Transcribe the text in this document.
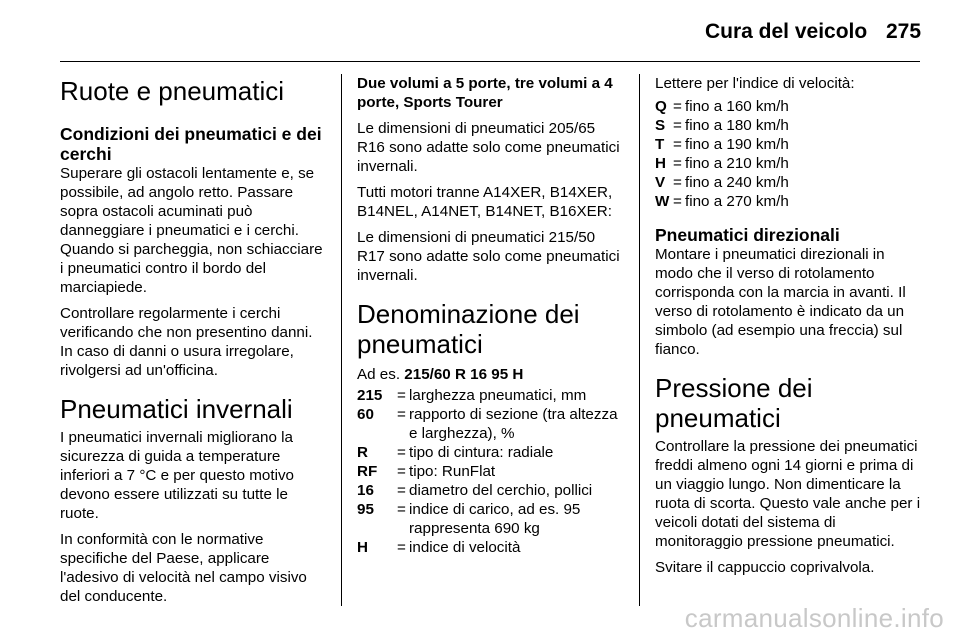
Cura del veicolo 275
Ruote e pneumatici
Condizioni dei pneumatici e dei cerchi

Superare gli ostacoli lentamente e, se possibile, ad angolo retto. Passare sopra ostacoli acuminati può danneggiare i pneumatici e i cerchi. Quando si parcheggia, non schiacciare i pneumatici contro il bordo del marciapiede.

Controllare regolarmente i cerchi verificando che non presentino danni. In caso di danni o usura irregolare, rivolgersi ad un'officina.

Pneumatici invernali

I pneumatici invernali migliorano la sicurezza di guida a temperature inferiori a 7 °C e per questo motivo devono essere utilizzati su tutte le ruote.

In conformità con le normative specifiche del Paese, applicare l'adesivo di velocità nel campo visivo del conducente.

Due volumi a 5 porte, tre volumi a 4 porte, Sports Tourer

Le dimensioni di pneumatici 205/65 R16 sono adatte solo come pneumatici invernali.

Tutti motori tranne A14XER, B14XER, B14NEL, A14NET, B14NET, B16XER:

Le dimensioni di pneumatici 215/50 R17 sono adatte solo come pneumatici invernali.

Denominazione dei pneumatici

Ad es. 215/60 R 16 95 H

215 = larghezza pneumatici, mm
60	= rapporto di sezione (tra altezza e larghezza), %
R	= tipo di cintura: radiale
RF	= tipo: RunFlat
16	= diametro del cerchio, pollici
95	= indice di carico, ad es. 95 rappresenta 690 kg
H	= indice di velocità

Lettere per l'indice di velocità:

Q = fino a 160 km/h
S = fino a 180 km/h
T = fino a 190 km/h
H = fino a 210 km/h
V = fino a 240 km/h
W = fino a 270 km/h
Pneumatici direzionali

Montare i pneumatici direzionali in modo che il verso di rotolamento corrisponda con la marcia in avanti. Il verso di rotolamento è indicato da un simbolo (ad esempio una freccia) sul fianco.

Pressione dei pneumatici

Controllare la pressione dei pneumatici freddi almeno ogni 14 giorni e prima di un viaggio lungo. Non dimenticare la ruota di scorta. Questo vale anche per i veicoli dotati del sistema di monitoraggio pressione pneumatici.

Svitare il cappuccio coprivalvola.

carmanualsonline.info
